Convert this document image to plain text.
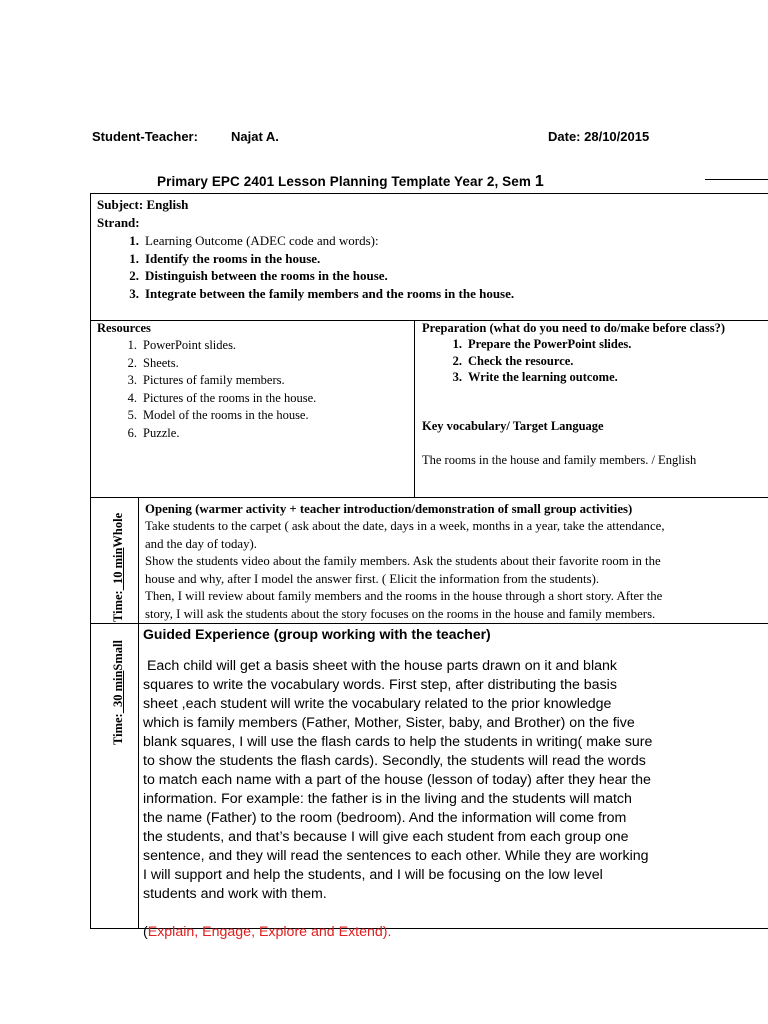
Student-Teacher:	Najat A.	Date: 28/10/2015
Primary EPC 2401 Lesson Planning Template Year 2, Sem 1
Subject: English
Strand:
1. Learning Outcome (ADEC code and words):
1. Identify the rooms in the house.
2. Distinguish between the rooms in the house.
3. Integrate between the family members and the rooms in the house.
Resources
1. PowerPoint slides.
2. Sheets.
3. Pictures of family members.
4. Pictures of the rooms in the house.
5. Model of the rooms in the house.
6. Puzzle.
Preparation (what do you need to do/make before class?)
1. Prepare the PowerPoint slides.
2. Check the resource.
3. Write the learning outcome.
Key vocabulary/ Target Language
The rooms in the house and family members. / English
Time:  10 minWhole
Opening (warmer activity + teacher introduction/demonstration of small group activities)
Take students to the carpet ( ask about the date, days in a week, months in a year, take the attendance,
and the day of today).
Show the students video about the family members. Ask the students about their favorite room in the
house and why, after I model the answer first. ( Elicit the information from the students).
Then, I will review about family members and the rooms in the house through a short story. After the
story, I will ask the students about the story focuses on the rooms in the house and family members.
Time:  30 minSmall
Guided Experience (group working with the teacher)
Each child will get a basis sheet with the house parts drawn on it and blank
squares to write the vocabulary words. First step, after distributing the basis
sheet ,each student will write the vocabulary related to the prior knowledge
which is family members (Father, Mother, Sister, baby, and Brother) on the five
blank squares, I will use the flash cards to help the students in writing( make sure
to show the students the flash cards). Secondly, the students will read the words
to match each name with a part of the house (lesson of today) after they hear the
information. For example: the father is in the living and the students will match
the name (Father) to the room (bedroom). And the information will come from
the students, and that’s because I will give each student from each group one
sentence, and they will read the sentences to each other. While they are working
I will support and help the students, and I will be focusing on the low level
students and work with them.
(Explain, Engage, Explore and Extend).
